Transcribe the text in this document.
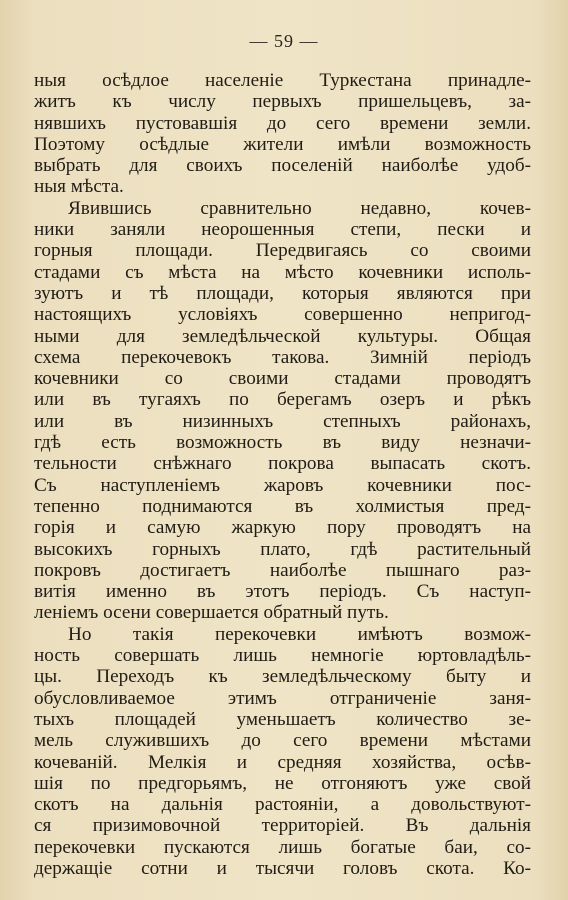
— 59 —
ныя осѣдлое населенiе Туркестана принадле-
житъ къ числу первыхъ пришельцевъ, за-
нявшихъ пустовавшiя до сего времени земли.
Поэтому осѣдлые жители имѣли возможность
выбрать для своихъ поселенiй наиболѣе удоб-
ныя мѣста.
Явившись сравнительно недавно, кочев-
ники заняли неорошенныя степи, пески и
горныя площади. Передвигаясь со своими
стадами съ мѣста на мѣсто кочевники исполь-
зуютъ и тѣ площади, которыя являются при
настоящихъ условiяхъ совершенно непригод-
ными для земледѣльческой культуры. Общая
схема перекочевокъ такова. Зимнiй перiодъ
кочевники со своими стадами проводятъ
или въ тугаяхъ по берегамъ озеръ и рѣкъ
или въ низинныхъ степныхъ районахъ,
гдѣ есть возможность въ виду незначи-
тельности снѣжнаго покрова выпасать скотъ.
Съ наступленiемъ жаровъ кочевники пос-
тепенно поднимаются въ холмистыя пред-
горiя и самую жаркую пору проводятъ на
высокихъ горныхъ плато, гдѣ растительный
покровъ достигаетъ наиболѣе пышнаго раз-
витiя именно въ этотъ перiодъ. Съ наступ-
ленiемъ осени совершается обратный путь.
Но такiя перекочевки имѣютъ возмож-
ность совершать лишь немногiе юртовладѣль-
цы. Переходъ къ земледѣльческому быту и
обусловливаемое этимъ отграниченiе заня-
тыхъ площадей уменьшаетъ количество зе-
мель служившихъ до сего времени мѣстами
кочеванiй. Мелкiя и средняя хозяйства, осѣв-
шiя по предгорьямъ, не отгоняютъ уже свой
скотъ на дальнiя растоянiи, а довольствуют-
ся призимовочной территорiей. Въ дальнiя
перекочевки пускаются лишь богатые баи, со-
держащiе сотни и тысячи головъ скота. Ко-
